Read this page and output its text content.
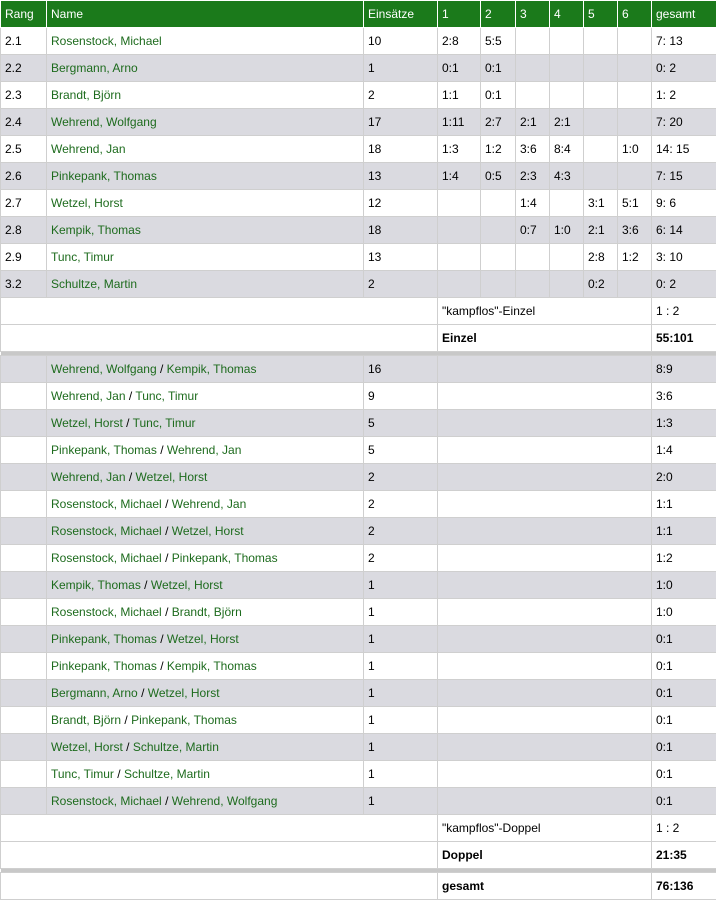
Rang	Name	Einsätze	1	2	3	4	5	6	gesamt
2.1	Rosenstock, Michael	10	2:8	5:5					7: 13
2.2	Bergmann, Arno	1	0:1	0:1					0: 2
2.3	Brandt, Björn	2	1:1	0:1					1: 2
2.4	Wehrend, Wolfgang	17	1:11	2:7	2:1	2:1			7: 20
2.5	Wehrend, Jan	18	1:3	1:2	3:6	8:4		1:0	14: 15
2.6	Pinkepank, Thomas	13	1:4	0:5	2:3	4:3			7: 15
2.7	Wetzel, Horst	12			1:4		3:1	5:1	9: 6
2.8	Kempik, Thomas	18			0:7	1:0	2:1	3:6	6: 14
2.9	Tunc, Timur	13					2:8	1:2	3: 10
3.2	Schultze, Martin	2					0:2		0: 2
			"kampflos"-Einzel						1 : 2
			Einzel						55:101

	Wehrend, Wolfgang / Kempik, Thomas	16							8:9
	Wehrend, Jan / Tunc, Timur	9							3:6
	Wetzel, Horst / Tunc, Timur	5							1:3
	Pinkepank, Thomas / Wehrend, Jan	5							1:4
	Wehrend, Jan / Wetzel, Horst	2							2:0
	Rosenstock, Michael / Wehrend, Jan	2							1:1
	Rosenstock, Michael / Wetzel, Horst	2							1:1
	Rosenstock, Michael / Pinkepank, Thomas	2							1:2
	Kempik, Thomas / Wetzel, Horst	1							1:0
	Rosenstock, Michael / Brandt, Björn	1							1:0
	Pinkepank, Thomas / Wetzel, Horst	1							0:1
	Pinkepank, Thomas / Kempik, Thomas	1							0:1
	Bergmann, Arno / Wetzel, Horst	1							0:1
	Brandt, Björn / Pinkepank, Thomas	1							0:1
	Wetzel, Horst / Schultze, Martin	1							0:1
	Tunc, Timur / Schultze, Martin	1							0:1
	Rosenstock, Michael / Wehrend, Wolfgang	1							0:1
			"kampflos"-Doppel						1 : 2
			Doppel						21:35

			gesamt						76:136
